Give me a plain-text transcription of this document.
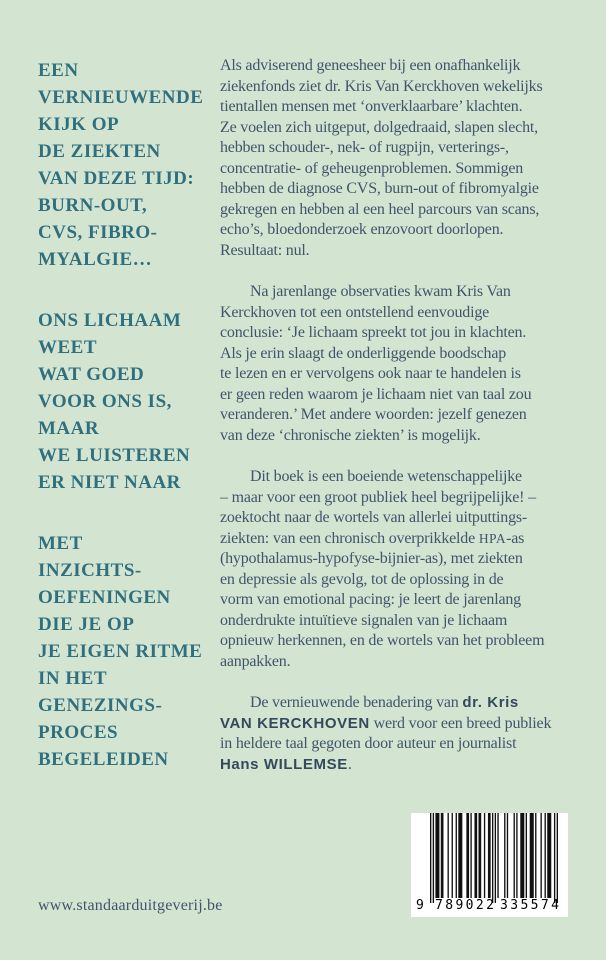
EEN
VERNIEUWENDE
KIJK OP
DE ZIEKTEN
VAN DEZE TIJD:
BURN-OUT,
CVS, FIBRO-
MYALGIE…
ONS LICHAAM
WEET
WAT GOED
VOOR ONS IS,
MAAR
WE LUISTEREN
ER NIET NAAR
MET
INZICHTS-
OEFENINGEN
DIE JE OP
JE EIGEN RITME
IN HET
GENEZINGS-
PROCES
BEGELEIDEN

Als adviserend geneesheer bij een onafhankelijk
ziekenfonds ziet dr. Kris Van Kerckhoven wekelijks
tientallen mensen met ‘onverklaarbare’ klachten.
Ze voelen zich uitgeput, dolgedraaid, slapen slecht,
hebben schouder-, nek- of rugpijn, verterings-,
concentratie- of geheugenproblemen. Sommigen
hebben de diagnose CVS, burn-out of fibromyalgie
gekregen en hebben al een heel parcours van scans,
echo’s, bloedonderzoek enzovoort doorlopen.
Resultaat: nul.

Na jarenlange observaties kwam Kris Van
Kerckhoven tot een ontstellend eenvoudige
conclusie: ‘Je lichaam spreekt tot jou in klachten.
Als je erin slaagt de onderliggende boodschap
te lezen en er vervolgens ook naar te handelen is
er geen reden waarom je lichaam niet van taal zou
veranderen.’ Met andere woorden: jezelf genezen
van deze ‘chronische ziekten’ is mogelijk.

Dit boek is een boeiende wetenschappelijke
– maar voor een groot publiek heel begrijpelijke! –
zoektocht naar de wortels van allerlei uitputtings-
ziekten: van een chronisch overprikkelde HPA-as
(hypothalamus-hypofyse-bijnier-as), met ziekten
en depressie als gevolg, tot de oplossing in de
vorm van emotional pacing: je leert de jarenlang
onderdrukte intuïtieve signalen van je lichaam
opnieuw herkennen, en de wortels van het probleem
aanpakken.

De vernieuwende benadering van dr. Kris
VAN KERCKHOVEN werd voor een breed publiek
in heldere taal gegoten door auteur en journalist
Hans WILLEMSE.

www.standaarduitgeverij.be	9 789022 335574
